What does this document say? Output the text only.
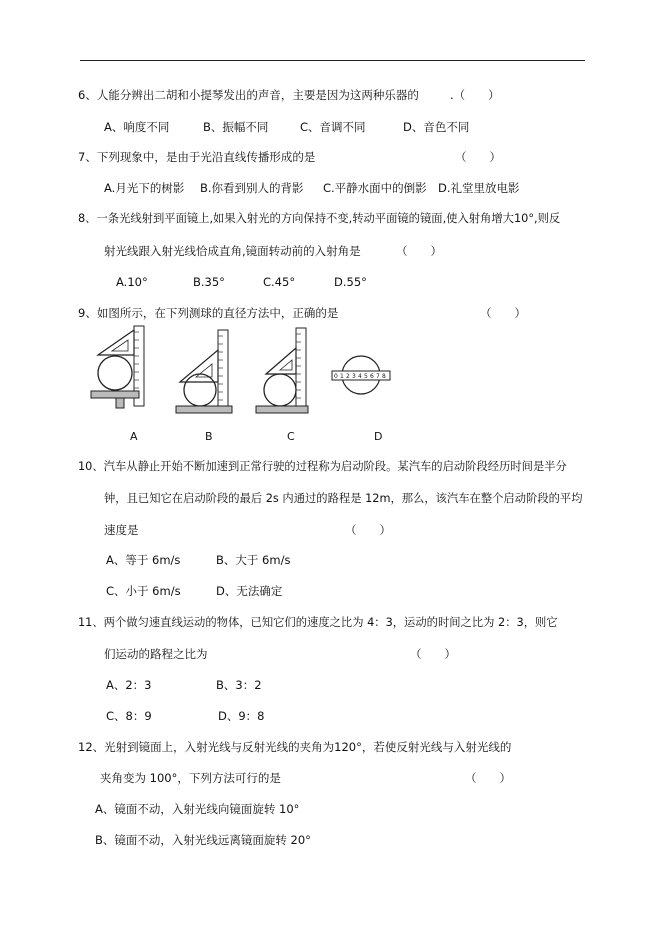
6、人能分辨出二胡和小提琴发出的声音，主要是因为这两种乐器的	.（　　）
A、响度不同	B、振幅不同	C、音调不同	D、音色不同
7、下列现象中，是由于光沿直线传播形成的是	（　　）
A.月光下的树影 B.你看到别人的背影 C.平静水面中的倒影 D.礼堂里放电影
8、一条光线射到平面镜上,如果入射光的方向保持不变,转动平面镜的镜面,使入射角增大10°,则反
射光线跟入射光线恰成直角,镜面转动前的入射角是	（　　）
A.10°	B.35°	C.45°	D.55°
9、如图所示，在下列测球的直径方法中，正确的是	（　　）
0 1 2 3 4 5 6 7 8
A	B	C	D
10、汽车从静止开始不断加速到正常行驶的过程称为启动阶段。某汽车的启动阶段经历时间是半分
钟，且已知它在启动阶段的最后 2s 内通过的路程是 12m，那么，该汽车在整个启动阶段的平均
速度是	（　　）
A、等于 6m/s	B、大于 6m/s
C、小于 6m/s	D、无法确定
11、两个做匀速直线运动的物体，已知它们的速度之比为 4：3，运动的时间之比为 2：3，则它
们运动的路程之比为	（　　）
A、2：3	B、3：2
C、8：9	D、9：8
12、光射到镜面上，入射光线与反射光线的夹角为120°，若使反射光线与入射光线的
夹角变为 100°，下列方法可行的是	（　　）
A、镜面不动，入射光线向镜面旋转 10°
B、镜面不动，入射光线远离镜面旋转 20°
